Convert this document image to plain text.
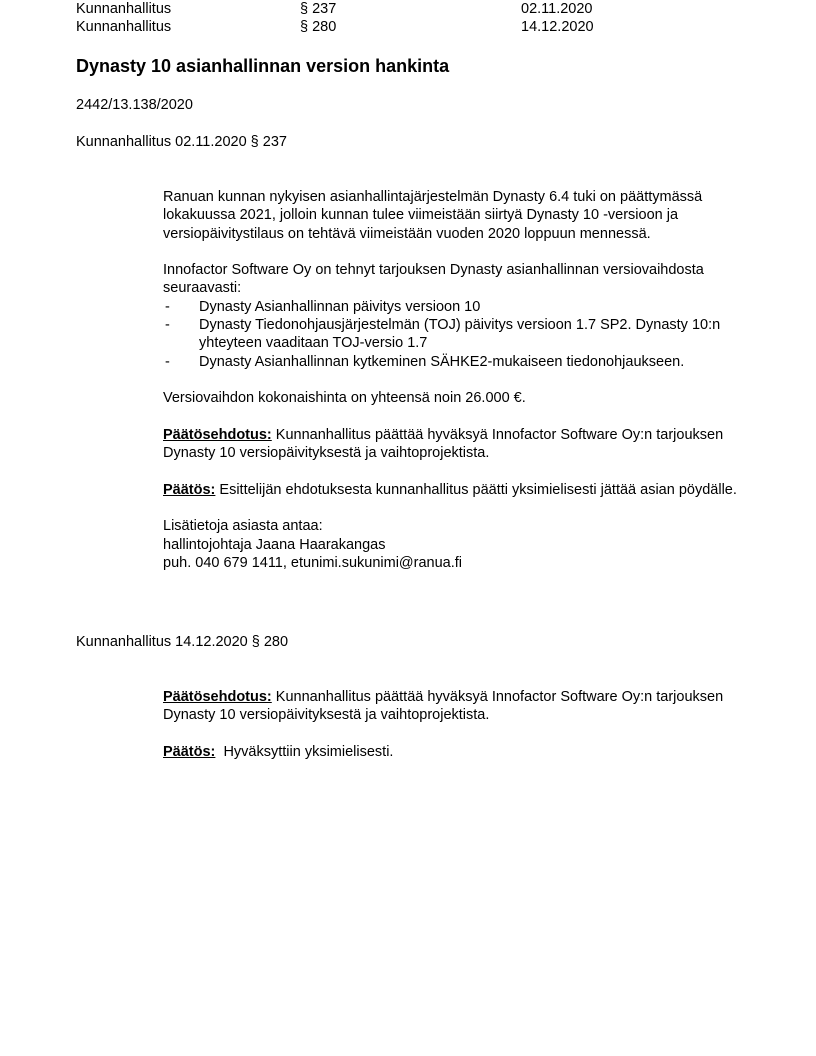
Kunnanhallitus	§ 237	02.11.2020
Kunnanhallitus	§ 280	14.12.2020
Dynasty 10 asianhallinnan version hankinta
2442/13.138/2020
Kunnanhallitus 02.11.2020 § 237

Ranuan kunnan nykyisen asianhallintajärjestelmän Dynasty 6.4 tuki on päättymässä lokakuussa 2021, jolloin kunnan tulee viimeistään siirtyä Dynasty 10 -versioon ja versiopäivitystilaus on tehtävä viimeistään vuoden 2020 loppuun mennessä.

Innofactor Software Oy on tehnyt tarjouksen Dynasty asianhallinnan versiovaihdosta seuraavasti:

- Dynasty Asianhallinnan päivitys versioon 10
- Dynasty Tiedonohjausjärjestelmän (TOJ) päivitys versioon 1.7 SP2. Dynasty 10:n yhteyteen vaaditaan TOJ-versio 1.7
- Dynasty Asianhallinnan kytkeminen SÄHKE2-mukaiseen tiedonohjaukseen.

Versiovaihdon kokonaishinta on yhteensä noin 26.000 €.

Päätösehdotus: Kunnanhallitus päättää hyväksyä Innofactor Software Oy:n tarjouksen Dynasty 10 versiopäivityksestä ja vaihtoprojektista.

Päätös: Esittelijän ehdotuksesta kunnanhallitus päätti yksimielisesti jättää asian pöydälle.

Lisätietoja asiasta antaa:

hallintojohtaja Jaana Haarakangas

puh. 040 679 1411, etunimi.sukunimi@ranua.fi

Kunnanhallitus 14.12.2020 § 280

Päätösehdotus: Kunnanhallitus päättää hyväksyä Innofactor Software Oy:n tarjouksen Dynasty 10 versiopäivityksestä ja vaihtoprojektista.

Päätös:  Hyväksyttiin yksimielisesti.
